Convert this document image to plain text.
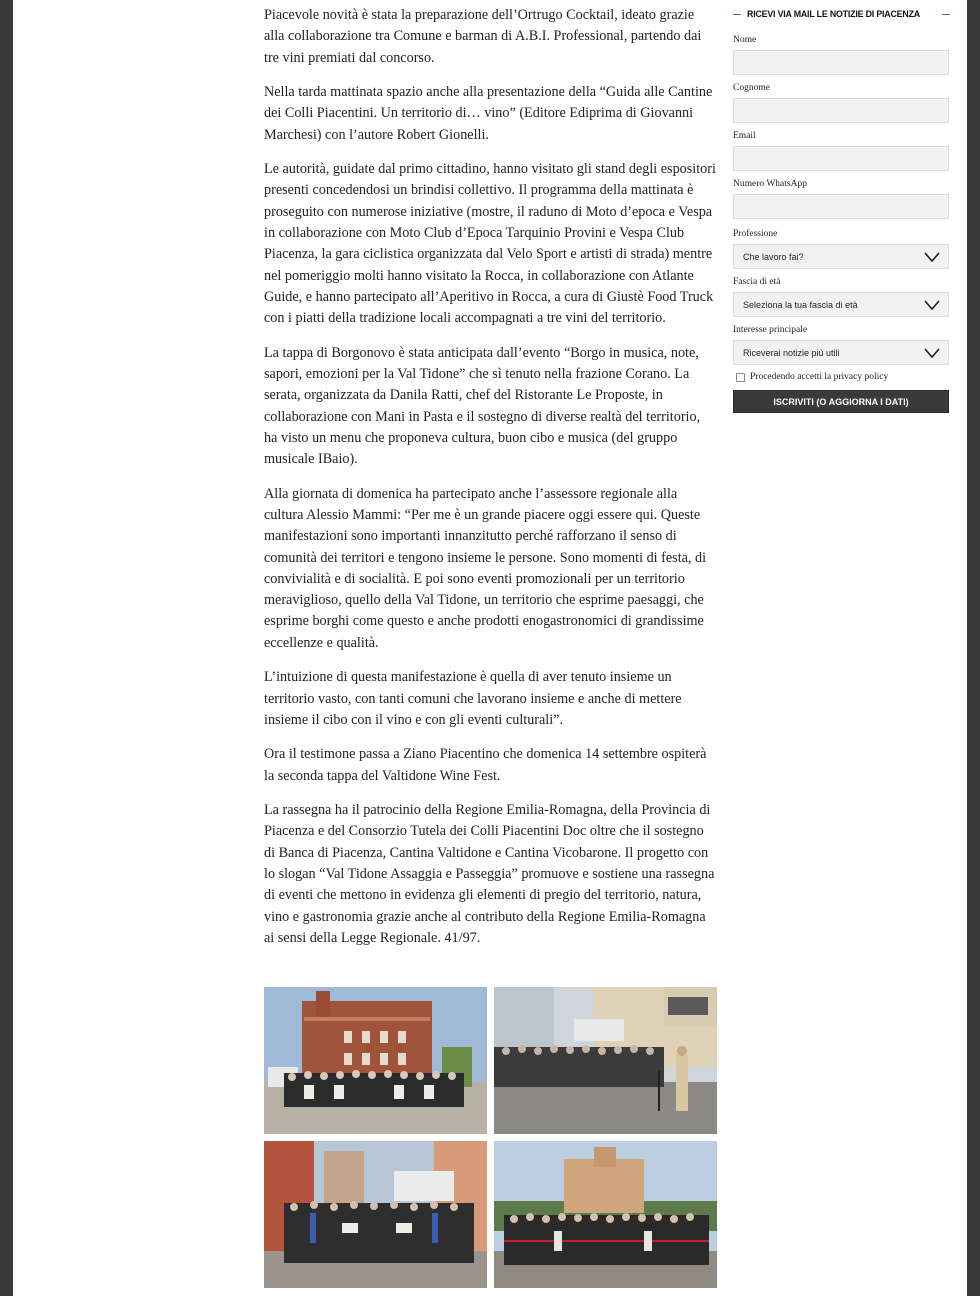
Piacevole novità è stata la preparazione dell’Ortrugo Cocktail, ideato grazie alla collaborazione tra Comune e barman di A.B.I. Professional, partendo dai tre vini premiati dal concorso.

Nella tarda mattinata spazio anche alla presentazione della “Guida alle Cantine dei Colli Piacentini. Un territorio di… vino” (Editore Ediprima di Giovanni Marchesi) con l’autore Robert Gionelli.

Le autorità, guidate dal primo cittadino, hanno visitato gli stand degli espositori presenti concedendosi un brindisi collettivo. Il programma della mattinata è proseguito con numerose iniziative (mostre, il raduno di Moto d’epoca e Vespa in collaborazione con Moto Club d’Epoca Tarquinio Provini e Vespa Club Piacenza, la gara ciclistica organizzata dal Velo Sport e artisti di strada) mentre nel pomeriggio molti hanno visitato la Rocca, in collaborazione con Atlante Guide, e hanno partecipato all’Aperitivo in Rocca, a cura di Giustè Food Truck con i piatti della tradizione locali accompagnati a tre vini del territorio.

La tappa di Borgonovo è stata anticipata dall’evento “Borgo in musica, note, sapori, emozioni per la Val Tidone” che sì tenuto nella frazione Corano. La serata, organizzata da Danila Ratti, chef del Ristorante Le Proposte, in collaborazione con Mani in Pasta e il sostegno di diverse realtà del territorio, ha visto un menu che proponeva cultura, buon cibo e musica (del gruppo musicale IBaio).

Alla giornata di domenica ha partecipato anche l’assessore regionale alla cultura Alessio Mammi: “Per me è un grande piacere oggi essere qui. Queste manifestazioni sono importanti innanzitutto perché rafforzano il senso di comunità dei territori e tengono insieme le persone. Sono momenti di festa, di convivialità e di socialità. E poi sono eventi promozionali per un territorio meraviglioso, quello della Val Tidone, un territorio che esprime paesaggi, che esprime borghi come questo e anche prodotti enogastronomici di grandissime eccellenze e qualità.

L’intuizione di questa manifestazione è quella di aver tenuto insieme un territorio vasto, con tanti comuni che lavorano insieme e anche di mettere insieme il cibo con il vino e con gli eventi culturali”.

Ora il testimone passa a Ziano Piacentino che domenica 14 settembre ospiterà la seconda tappa del Valtidone Wine Fest.

La rassegna ha il patrocinio della Regione Emilia-Romagna, della Provincia di Piacenza e del Consorzio Tutela dei Colli Piacentini Doc oltre che il sostegno di Banca di Piacenza, Cantina Valtidone e Cantina Vicobarone. Il progetto con lo slogan “Val Tidone Assaggia e Passeggia” promuove e sostiene una rassegna di eventi che mettono in evidenza gli elementi di pregio del territorio, natura, vino e gastronomia grazie anche al contributo della Regione Emilia-Romagna ai sensi della Legge Regionale. 41/97.

RICEVI VIA MAIL LE NOTIZIE DI PIACENZA
Nome
Cognome
Email
Numero WhatsApp
Professione
Che lavoro fai?
Fascia di età
Seleziona la tua fascia di età
Interesse principale
Riceverai notizie più utili
Procedendo accetti la privacy policy
ISCRIVITI (O AGGIORNA I DATI)
